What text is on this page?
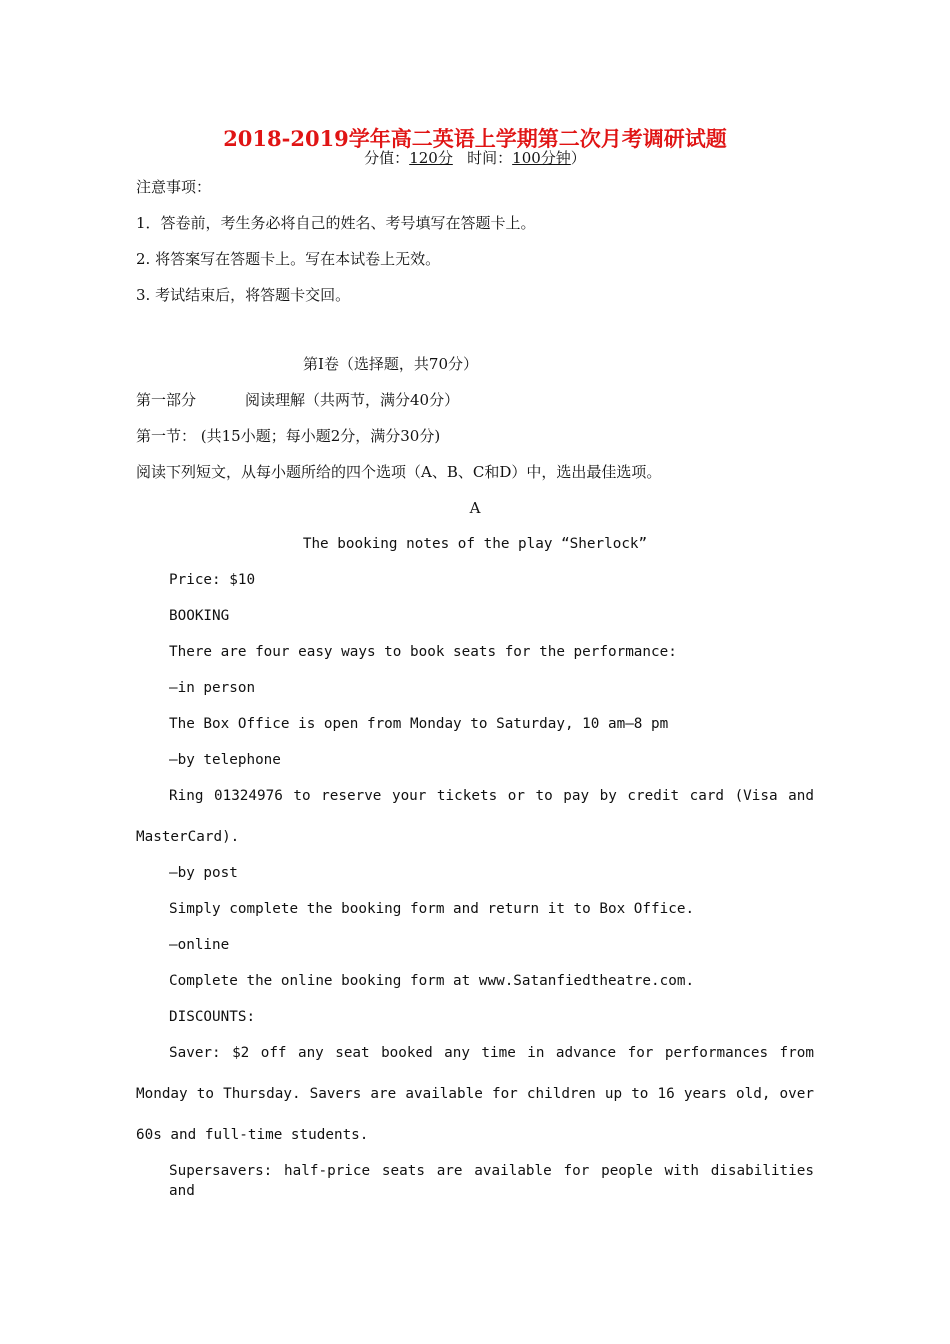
2018-2019学年高二英语上学期第二次月考调研试题
分值：120分 时间：100分钟）
注意事项：
1．答卷前，考生务必将自己的姓名、考号填写在答题卡上。
2. 将答案写在答题卡上。写在本试卷上无效。
3. 考试结束后，将答题卡交回。
第Ⅰ卷（选择题，共70分）
第一部分	阅读理解（共两节，满分40分）
第一节： (共15小题；每小题2分，满分30分)
阅读下列短文，从每小题所给的四个选项（A、B、C和D）中，选出最佳选项。
A
The booking notes of the play “Sherlock”
Price: $10
BOOKING
There are four easy ways to book seats for the performance:
—in person
The Box Office is open from Monday to Saturday, 10 am—8 pm
—by telephone
Ring 01324976 to reserve your tickets or to pay by credit card (Visa and
MasterCard).
—by post
Simply complete the booking form and return it to Box Office.
—online
Complete the online booking form at www.Satanfiedtheatre.com.
DISCOUNTS:
Saver: $2 off any seat booked any time in advance for performances from
Monday to Thursday. Savers are available for children up to 16 years old, over
60s and full-time students.
Supersavers: half-price seats are available for people with disabilities and
